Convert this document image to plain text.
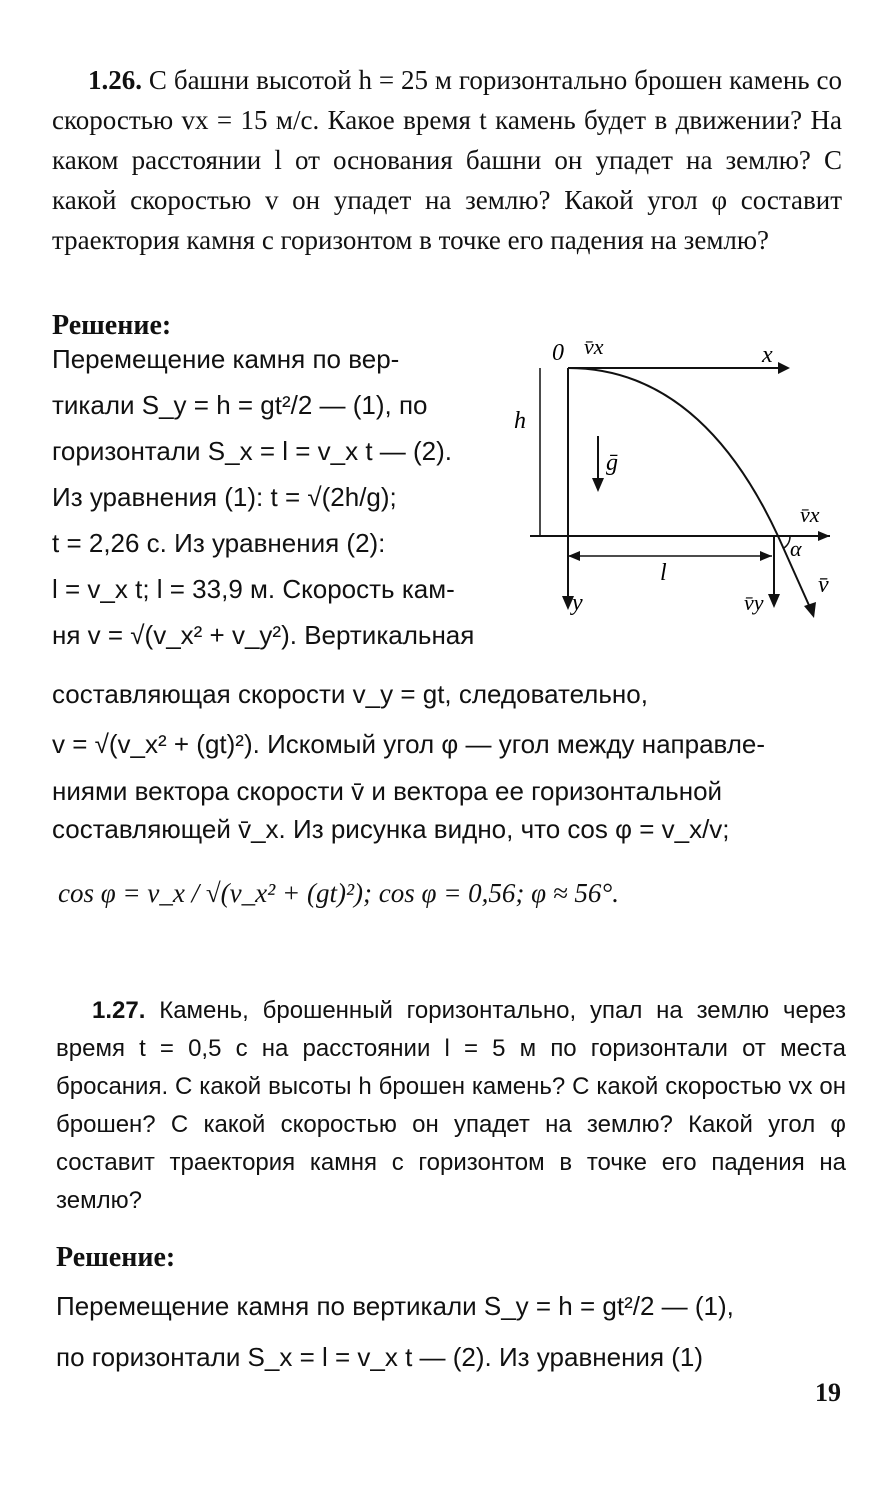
1.26. С башни высотой h = 25 м горизонтально брошен камень со скоростью vx = 15 м/с. Какое время t камень будет в движении? На каком расстоянии l от основания башни он упадет на землю? С какой скоростью v он упадет на землю? Какой угол φ составит траектория камня с горизонтом в точке его падения на землю?

Решение:

Перемещение камня по вер-
тикали S_y = h = gt²/2 — (1), по
горизонтали S_x = l = v_x t — (2).
Из уравнения (1): t = √(2h/g);
t = 2,26 с. Из уравнения (2):
l = v_x t; l = 33,9 м. Скорость кам-
ня v = √(v_x² + v_y²). Вертикальная
составляющая скорости v_y = gt, следовательно,
v = √(v_x² + (gt)²). Искомый угол φ — угол между направле-
ниями вектора скорости v̄ и вектора ее горизонтальной
составляющей v̄_x. Из рисунка видно, что cos φ = v_x/v;
cos φ = v_x / √(v_x² + (gt)²); cos φ = 0,56; φ ≈ 56°.
0 v̄x	x
h
ḡ
v̄x
α
l
y	v̄y
v̄

1.27. Камень, брошенный горизонтально, упал на землю через время t = 0,5 с на расстоянии l = 5 м по горизонтали от места бросания. С какой высоты h брошен камень? С какой скоростью vx он брошен? С какой скоростью он упадет на землю? Какой угол φ составит траектория камня с горизонтом в точке его падения на землю?

Решение:

Перемещение камня по вертикали S_y = h = gt²/2 — (1),
по горизонтали S_x = l = v_x t — (2). Из уравнения (1)
19
